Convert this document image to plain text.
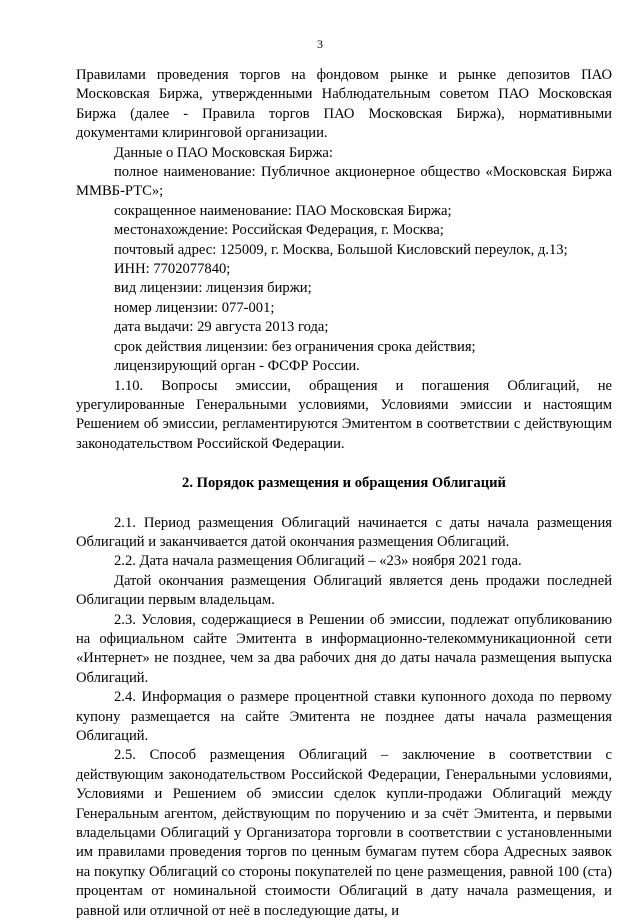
3

Правилами проведения торгов на фондовом рынке и рынке депозитов ПАО Московская Биржа, утвержденными Наблюдательным советом ПАО Московская Биржа (далее - Правила торгов ПАО Московская Биржа), нормативными документами клиринговой организации.

Данные о ПАО Московская Биржа:

полное наименование: Публичное акционерное общество «Московская Биржа ММВБ-РТС»;

сокращенное наименование: ПАО Московская Биржа;

местонахождение: Российская Федерация, г. Москва;

почтовый адрес: 125009, г. Москва, Большой Кисловский переулок, д.13;

ИНН: 7702077840;

вид лицензии: лицензия биржи;

номер лицензии: 077-001;

дата выдачи: 29 августа 2013 года;

срок действия лицензии: без ограничения срока действия;

лицензирующий орган - ФСФР России.

1.10. Вопросы эмиссии, обращения и погашения Облигаций, не урегулированные Генеральными условиями, Условиями эмиссии и настоящим Решением об эмиссии, регламентируются Эмитентом в соответствии с действующим законодательством Российской Федерации.

2. Порядок размещения и обращения Облигаций

2.1. Период размещения Облигаций начинается с даты начала размещения Облигаций и заканчивается датой окончания размещения Облигаций.

2.2. Дата начала размещения Облигаций – «23» ноября 2021 года.

Датой окончания размещения Облигаций является день продажи последней Облигации первым владельцам.

2.3. Условия, содержащиеся в Решении об эмиссии, подлежат опубликованию на официальном сайте Эмитента в информационно-телекоммуникационной сети «Интернет» не позднее, чем за два рабочих дня до даты начала размещения выпуска Облигаций.

2.4. Информация о размере процентной ставки купонного дохода по первому купону размещается на сайте Эмитента не позднее даты начала размещения Облигаций.

2.5. Способ размещения Облигаций – заключение в соответствии с действующим законодательством Российской Федерации, Генеральными условиями, Условиями и Решением об эмиссии сделок купли-продажи Облигаций между Генеральным агентом, действующим по поручению и за счёт Эмитента, и первыми владельцами Облигаций у Организатора торговли в соответствии с установленными им правилами проведения торгов по ценным бумагам путем сбора Адресных заявок на покупку Облигаций со стороны покупателей по цене размещения, равной 100 (ста) процентам от номинальной стоимости Облигаций в дату начала размещения, и равной или отличной от неё в последующие даты, и
